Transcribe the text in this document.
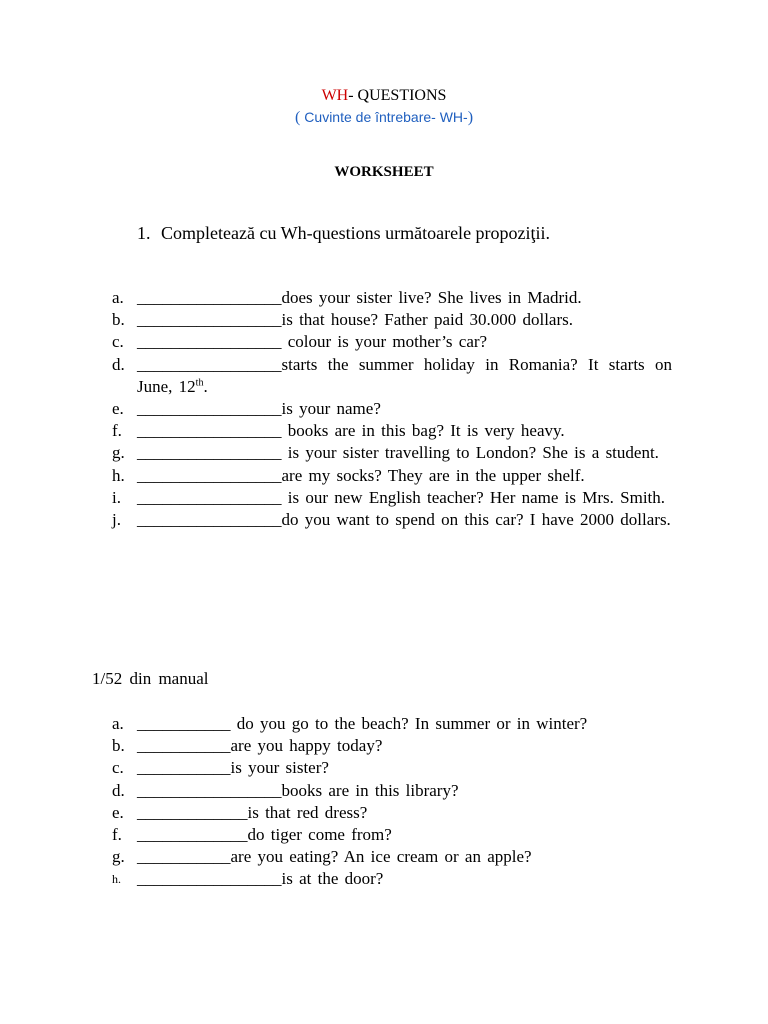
WH- QUESTIONS
( Cuvinte de întrebare- WH-)
WORKSHEET
1. Completează cu Wh-questions următoarele propoziţii.
a. _________________does your sister live? She lives in Madrid.
b. _________________is that house? Father paid 30.000 dollars.
c. _________________ colour is your mother’s car?
d. _________________starts the summer holiday in Romania? It starts on June, 12th.
e. _________________is your name?
f. _________________ books are in this bag? It is very heavy.
g. _________________ is your sister travelling to London? She is a student.
h. _________________are my socks? They are in the upper shelf.
i. _________________ is our new English teacher? Her name is Mrs. Smith.
j. _________________do you want to spend on this car? I have 2000 dollars.
1/52 din manual
a. ___________ do you go to the beach? In summer or in winter?
b. ___________are you happy today?
c. ___________is your sister?
d. _________________books are in this library?
e. _____________is that red dress?
f. _____________do tiger come from?
g. ___________are you eating? An ice cream or an apple?
h. _________________is at the door?
